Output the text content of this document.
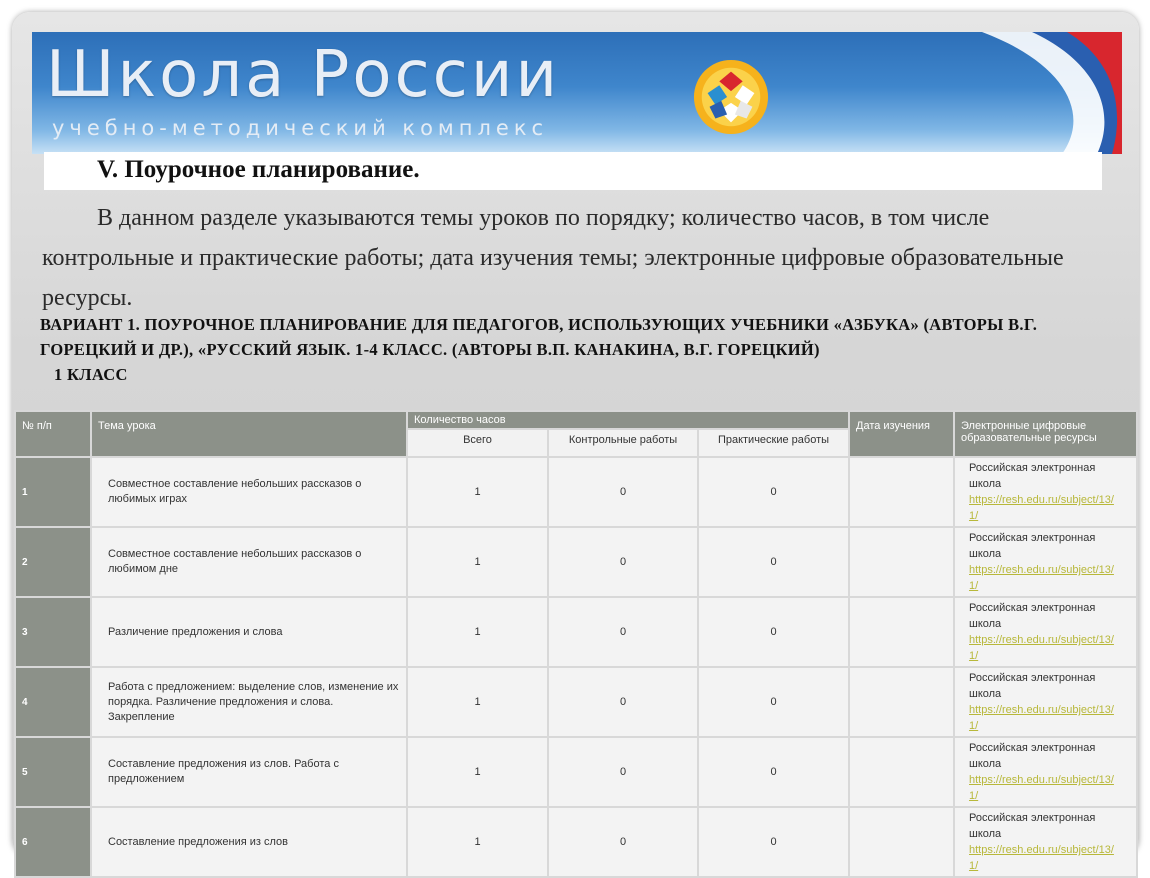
Школа России
учебно-методический комплекс
V. Поурочное планирование.
В данном разделе указываются темы уроков по порядку; количество часов, в том числе контрольные и практические работы; дата изучения темы; электронные цифровые образовательные ресурсы.
ВАРИАНТ 1. ПОУРОЧНОЕ ПЛАНИРОВАНИЕ ДЛЯ ПЕДАГОГОВ, ИСПОЛЬЗУЮЩИХ УЧЕБНИКИ «АЗБУКА» (АВТОРЫ В.Г. ГОРЕЦКИЙ И ДР.), «РУССКИЙ ЯЗЫК. 1-4 КЛАСС. (АВТОРЫ В.П. КАНАКИНА, В.Г. ГОРЕЦКИЙ)
1 КЛАСС
№ п/п	Тема урока	Количество часов			Дата изучения	Электронные цифровые образовательные ресурсы
		Всего	Контрольные работы	Практические работы		

1	Совместное составление небольших рассказов о любимых играх	1	0	0		Российская электронная школа
https://resh.edu.ru/subject/13/1/
2	Совместное составление небольших рассказов о любимом дне	1	0	0		Российская электронная школа
https://resh.edu.ru/subject/13/1/
3	Различение предложения и слова	1	0	0		Российская электронная школа
https://resh.edu.ru/subject/13/1/
4	Работа с предложением: выделение слов, изменение их порядка. Различение предложения и слова. Закрепление	1	0	0		Российская электронная школа
https://resh.edu.ru/subject/13/1/
5	Составление предложения из слов. Работа с предложением	1	0	0		Российская электронная школа
https://resh.edu.ru/subject/13/1/
6	Составление предложения из слов	1	0	0		Российская электронная школа
https://resh.edu.ru/subject/13/1/
